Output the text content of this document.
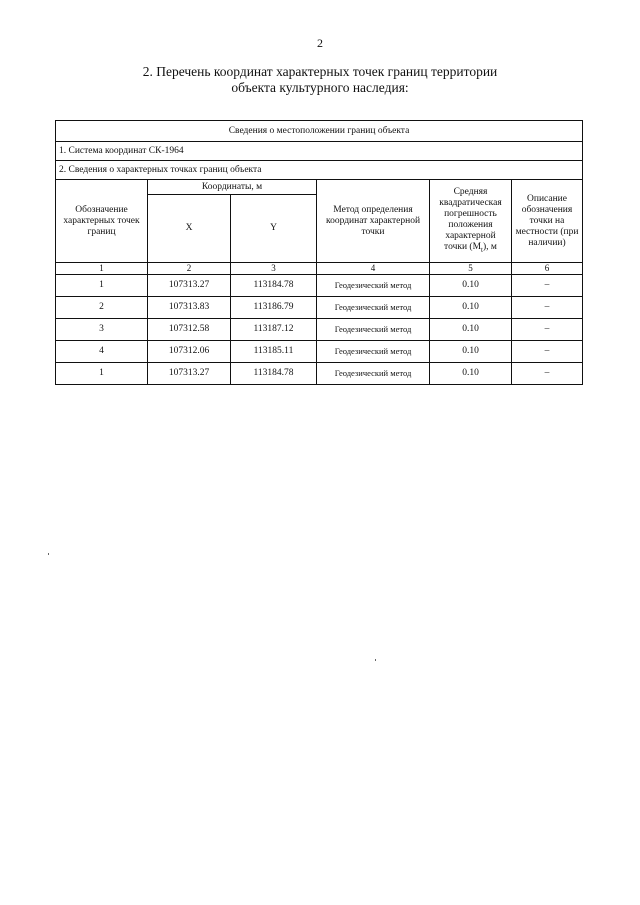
2
2. Перечень координат характерных точек границ территории
объекта культурного наследия:
Сведения о местоположении границ объекта					
1. Система координат СК-1964					
2. Сведения о характерных точках границ объекта					
Обозначение характерных точек границ	Координаты, м		Метод определения координат характерной точки	Средняя квадратическая погрешность положения характерной точки $(M_t)$, м	Описание обозначения точки на местности (при наличии)
	X	Y			
1	2	3	4	5	6
1	107313.27	113184.78	Геодезический метод	0.10	–
2	107313.83	113186.79	Геодезический метод	0.10	–
3	107312.58	113187.12	Геодезический метод	0.10	–
4	107312.06	113185.11	Геодезический метод	0.10	–
1	107313.27	113184.78	Геодезический метод	0.10	–
